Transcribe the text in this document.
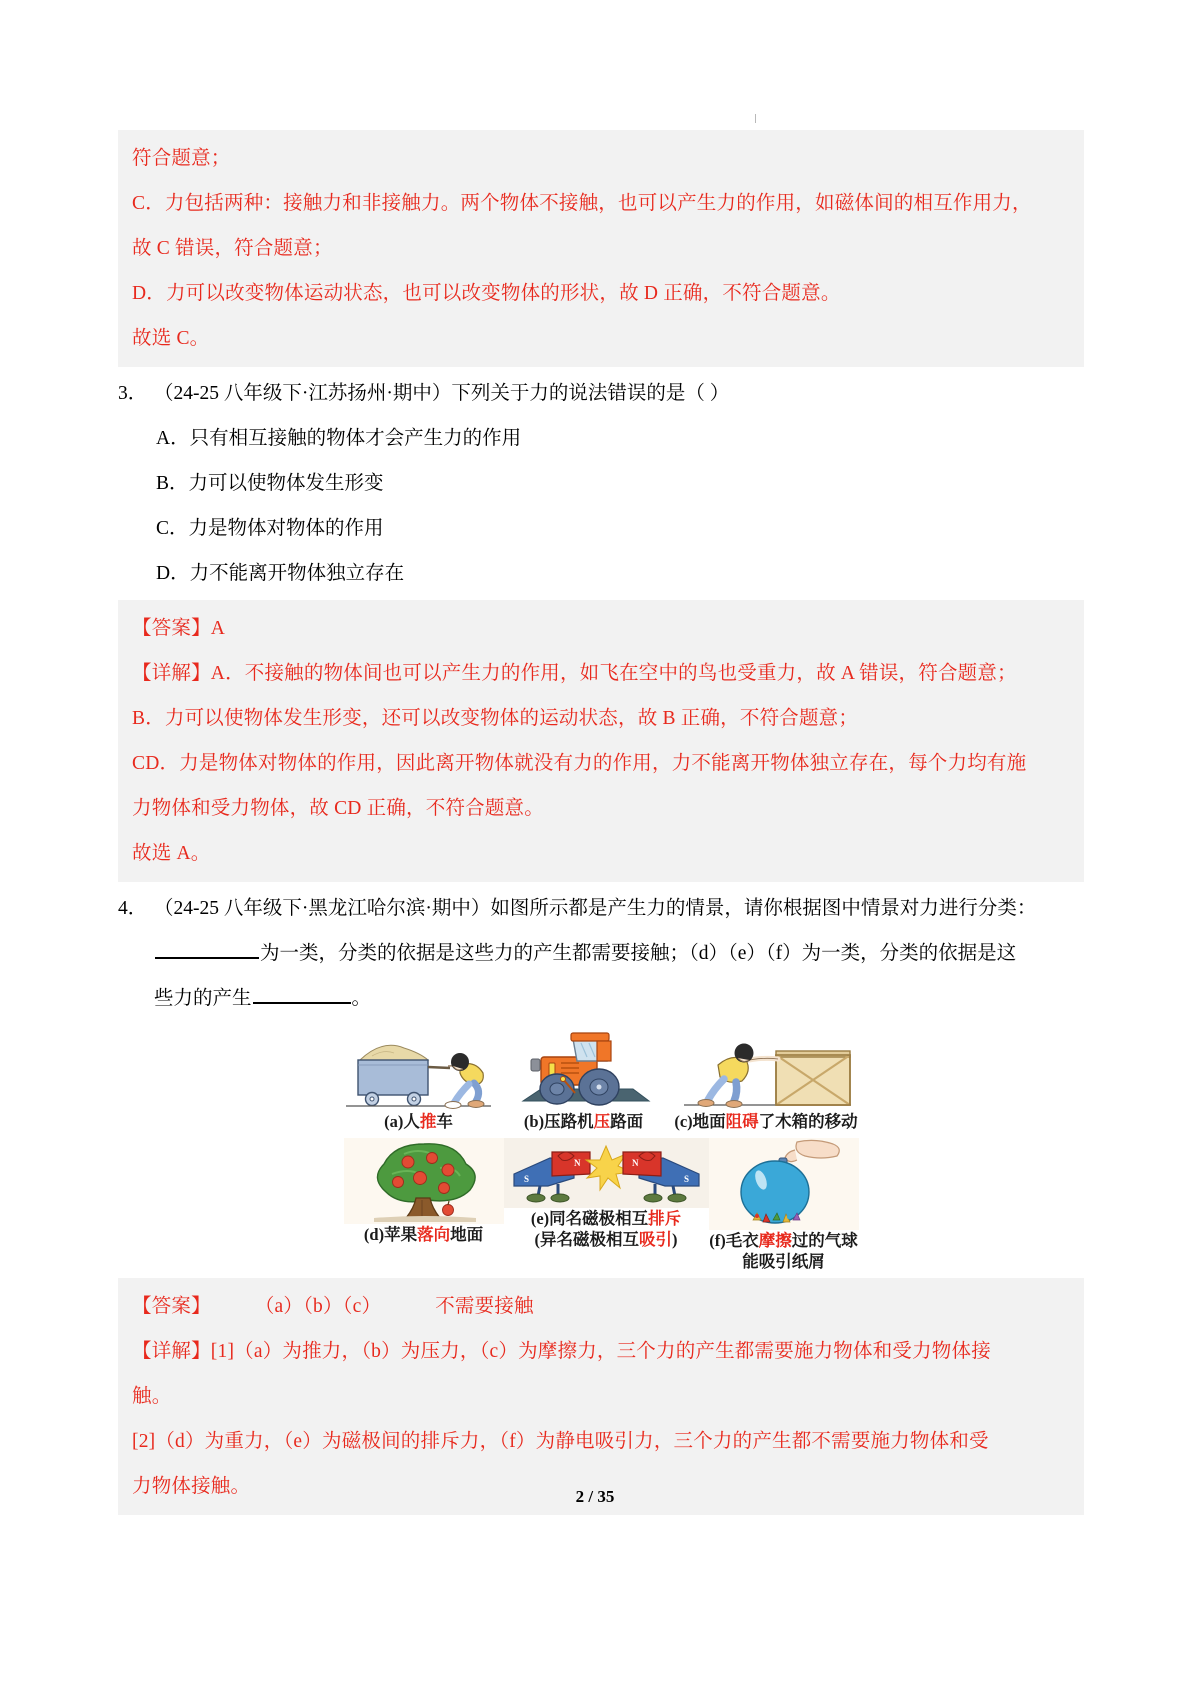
符合题意；

C．力包括两种：接触力和非接触力。两个物体不接触，也可以产生力的作用，如磁体间的相互作用力，

故 C 错误，符合题意；

D．力可以改变物体运动状态，也可以改变物体的形状，故 D 正确，不符合题意。

故选 C。

3． （24-25 八年级下·江苏扬州·期中）下列关于力的说法错误的是（ ）
A．只有相互接触的物体才会产生力的作用
B．力可以使物体发生形变
C．力是物体对物体的作用
D．力不能离开物体独立存在

【答案】A

【详解】A．不接触的物体间也可以产生力的作用，如飞在空中的鸟也受重力，故 A 错误，符合题意；

B．力可以使物体发生形变，还可以改变物体的运动状态，故 B 正确，不符合题意；

CD．力是物体对物体的作用，因此离开物体就没有力的作用，力不能离开物体独立存在，每个力均有施

力物体和受力物体，故 CD 正确，不符合题意。

故选 A。

4． （24-25 八年级下·黑龙江哈尔滨·期中）如图所示都是产生力的情景，请你根据图中情景对力进行分类：
为一类，分类的依据是这些力的产生都需要接触；（d）（e）（f）为一类，分类的依据是这
些力的产生	。
(a)人推车	(b)压路机压路面 (c)地面阻碍了木箱的移动
(d)苹果落向地面
S
N
S
N
(e)同名磁极相互排斥
(异名磁极相互吸引) (f)毛衣摩擦过的气球
能吸引纸屑

【答案】 （a）（b）（c）	不需要接触

【详解】[1]（a）为推力，（b）为压力，（c）为摩擦力，三个力的产生都需要施力物体和受力物体接

触。

[2]（d）为重力，（e）为磁极间的排斥力，（f）为静电吸引力，三个力的产生都不需要施力物体和受

力物体接触。	2 / 35
